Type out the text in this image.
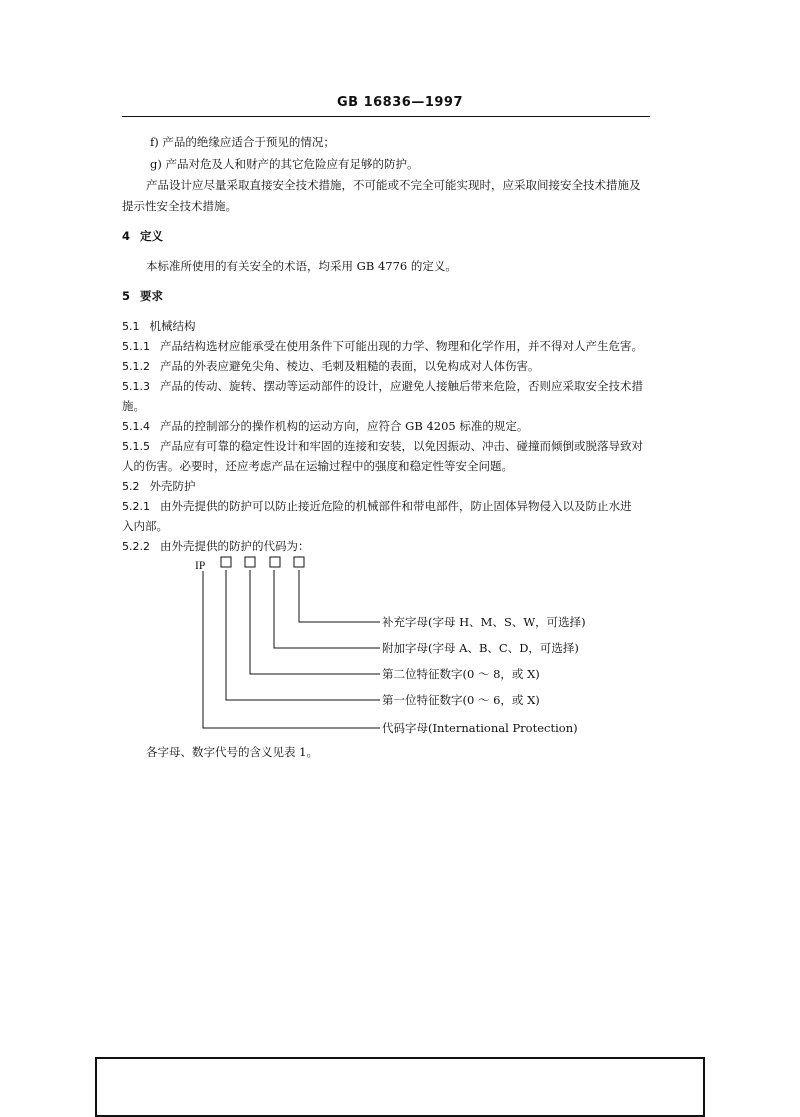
GB 16836—1997
f) 产品的绝缘应适合于预见的情况；
g) 产品对危及人和财产的其它危险应有足够的防护。
产品设计应尽量采取直接安全技术措施，不可能或不完全可能实现时，应采取间接安全技术措施及
提示性安全技术措施。
4 定义
本标准所使用的有关安全的术语，均采用 GB 4776 的定义。
5 要求
5.1 机械结构
5.1.1 产品结构选材应能承受在使用条件下可能出现的力学、物理和化学作用，并不得对人产生危害。
5.1.2 产品的外表应避免尖角、棱边、毛刺及粗糙的表面，以免构成对人体伤害。
5.1.3 产品的传动、旋转、摆动等运动部件的设计，应避免人接触后带来危险，否则应采取安全技术措
施。
5.1.4 产品的控制部分的操作机构的运动方向，应符合 GB 4205 标准的规定。
5.1.5 产品应有可靠的稳定性设计和牢固的连接和安装，以免因振动、冲击、碰撞而倾倒或脱落导致对
人的伤害。必要时，还应考虑产品在运输过程中的强度和稳定性等安全问题。
5.2 外壳防护
5.2.1 由外壳提供的防护可以防止接近危险的机械部件和带电部件，防止固体异物侵入以及防止水进
入内部。
5.2.2 由外壳提供的防护的代码为：
IP
补充字母(字母 H、M、S、W，可选择)
附加字母(字母 A、B、C、D，可选择)
第二位特征数字(0 ～ 8，或 X)
第一位特征数字(0 ～ 6，或 X)
代码字母(International Protection)
各字母、数字代号的含义见表 1。
